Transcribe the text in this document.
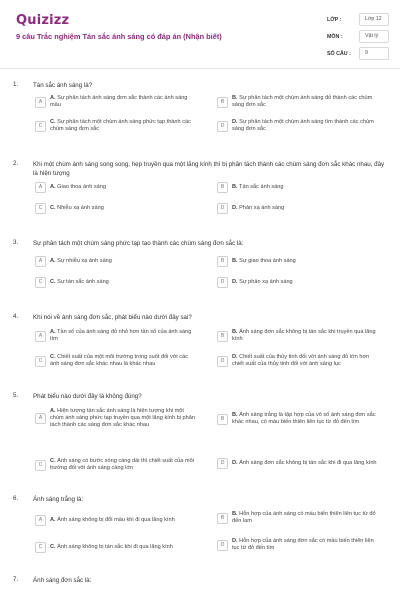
Quizizz
9 câu Trắc nghiệm Tán sắc ánh sáng có đáp án (Nhận biết)
LỚP :	Lớp 12
MÔN :	Vật lý
SỐ CÂU :	9
1.	Tán sắc ánh sáng là?
A
A. Sự phân tách ánh sáng đơn sắc thành các ánh sáng màu
B
B. Sự phân tách một chùm ánh sáng đỏ thành các chùm sáng đơn sắc
C
C. Sự phân tách một chùm ánh sáng phức tạp thành các chùm sáng đơn sắc
D
D. Sự phân tách một chùm ánh sáng tím thành các chùm sáng đơn sắc
2.	Khi một chùm ánh sáng song song, hẹp truyền qua một lăng kính thì bị phân tách thành các chùm sáng đơn sắc khác nhau, đây là hiện tượng
A	A. Giao thoa ánh sáng	B	B. Tán sắc ánh sáng
C	C. Nhiễu xạ ánh sáng	D	D. Phản xạ ánh sáng
3.	Sự phân tách một chùm sáng phức tạp tạo thành các chùm sáng đơn sắc là:
A	A. Sự nhiễu xạ ánh sáng	B	B. Sự giao thoa ánh sáng
C	C. Sự tán sắc ánh sáng	D	D. Sự phản xạ ánh sáng
4.	Khi nói về ánh sáng đơn sắc, phát biểu nào dưới đây sai?
A
A. Tần số của ánh sáng đỏ nhỏ hơn tần số của ánh sáng tím
B
B. Ánh sáng đơn sắc không bị tán sắc khi truyền qua lăng kính
C
C. Chiết suất của một môi trường trong suốt đối với các ánh sáng đơn sắc khác nhau là khác nhau
D
D. Chiết suất của thủy tinh đối với ánh sáng đỏ lớn hơn chiết suất của thủy tinh đối với ánh sáng lục
5.	Phát biểu nào dưới đây là không đúng?
A
A. Hiện tượng tán sắc ánh sáng là hiện tượng khi một chùm ánh sáng phức tạp truyền qua một lăng kính bị phân tách thành các sáng đơn sắc khác nhau
B
B. Ánh sáng trắng là tập hợp của vô số ánh sáng đơn sắc khác nhau, có màu biến thiên liên tục từ đỏ đến tím
C
C. Ánh sáng có bước sóng càng dài thì chiết suất của môi trường đối với ánh sáng càng lớn
D	D. Ánh sáng đơn sắc không bị tán sắc khi đi qua lăng kính
6.	Ánh sáng trắng là:
A	A. Ánh sáng không bị đổi màu khi đi qua lăng kính	B
B. Hỗn hợp của ánh sáng có màu biến thiên liên tục từ đỏ đến lam
C	C. Ánh sáng không bị tán sắc khi đi qua lăng kính	D
D. Hỗn hợp của ánh sáng đơn sắc có màu biến thiên liên tục từ đỏ đến tím
7.	Ánh sáng đơn sắc là:
